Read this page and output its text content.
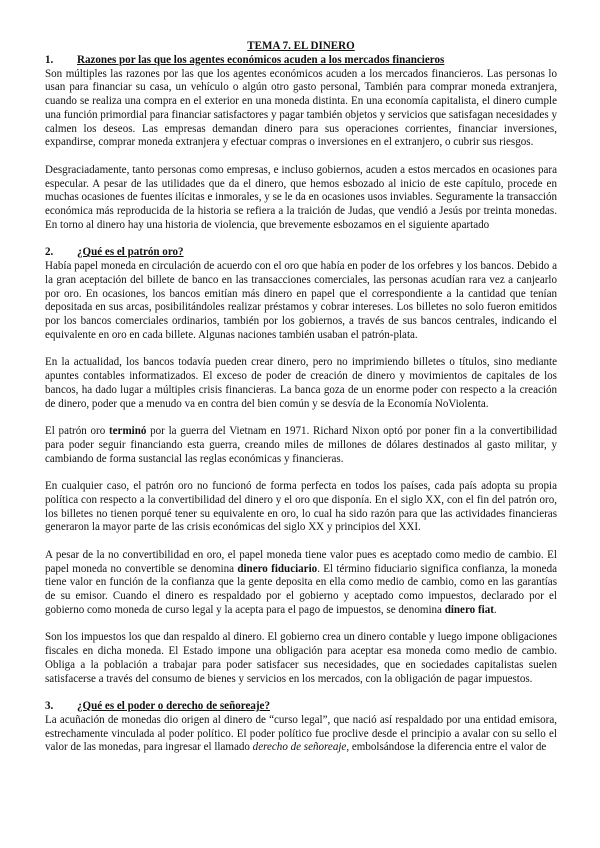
TEMA 7. EL DINERO

1.	Razones por las que los agentes económicos acuden a los mercados financieros

Son múltiples las razones por las que los agentes económicos acuden a los mercados financieros. Las personas lo usan para financiar su casa, un vehículo o algún otro gasto personal, También para comprar moneda extranjera, cuando se realiza una compra en el exterior en una moneda distinta. En una economía capitalista, el dinero cumple una función primordial para financiar satisfactores y pagar también objetos y servicios que satisfagan necesidades y calmen los deseos. Las empresas demandan dinero para sus operaciones corrientes, financiar inversiones, expandirse, comprar moneda extranjera y efectuar compras o inversiones en el extranjero, o cubrir sus riesgos.

Desgraciadamente, tanto personas como empresas, e incluso gobiernos, acuden a estos mercados en ocasiones para especular. A pesar de las utilidades que da el dinero, que hemos esbozado al inicio de este capítulo, procede en muchas ocasiones de fuentes ilícitas e inmorales, y se le da en ocasiones usos inviables. Seguramente la transacción económica más reproducida de la historia se refiera a la traición de Judas, que vendió a Jesús por treinta monedas. En torno al dinero hay una historia de violencia, que brevemente esbozamos en el siguiente apartado

2.	¿Qué es el patrón oro?

Había papel moneda en circulación de acuerdo con el oro que había en poder de los orfebres y los bancos. Debido a la gran aceptación del billete de banco en las transacciones comerciales, las personas acudían rara vez a canjearlo por oro. En ocasiones, los bancos emitían más dinero en papel que el correspondiente a la cantidad que tenían depositada en sus arcas, posibilitándoles realizar préstamos y cobrar intereses. Los billetes no solo fueron emitidos por los bancos comerciales ordinarios, también por los gobiernos, a través de sus bancos centrales, indicando el equivalente en oro en cada billete. Algunas naciones también usaban el patrón-plata.

En la actualidad, los bancos todavía pueden crear dinero, pero no imprimiendo billetes o títulos, sino mediante apuntes contables informatizados. El exceso de poder de creación de dinero y movimientos de capitales de los bancos, ha dado lugar a múltiples crisis financieras. La banca goza de un enorme poder con respecto a la creación de dinero, poder que a menudo va en contra del bien común y se desvía de la Economía NoViolenta.

El patrón oro terminó por la guerra del Vietnam en 1971. Richard Nixon optó por poner fin a la convertibilidad para poder seguir financiando esta guerra, creando miles de millones de dólares destinados al gasto militar, y cambiando de forma sustancial las reglas económicas y financieras.

En cualquier caso, el patrón oro no funcionó de forma perfecta en todos los países, cada país adopta su propia política con respecto a la convertibilidad del dinero y el oro que disponía. En el siglo XX, con el fin del patrón oro, los billetes no tienen porqué tener su equivalente en oro, lo cual ha sido razón para que las actividades financieras generaron la mayor parte de las crisis económicas del siglo XX y principios del XXI.

A pesar de la no convertibilidad en oro, el papel moneda tiene valor pues es aceptado como medio de cambio. El papel moneda no convertible se denomina dinero fiduciario. El término fiduciario significa confianza, la moneda tiene valor en función de la confianza que la gente deposita en ella como medio de cambio, como en las garantías de su emisor. Cuando el dinero es respaldado por el gobierno y aceptado como impuestos, declarado por el gobierno como moneda de curso legal y la acepta para el pago de impuestos, se denomina dinero fiat.

Son los impuestos los que dan respaldo al dinero. El gobierno crea un dinero contable y luego impone obligaciones fiscales en dicha moneda. El Estado impone una obligación para aceptar esa moneda como medio de cambio. Obliga a la población a trabajar para poder satisfacer sus necesidades, que en sociedades capitalistas suelen satisfacerse a través del consumo de bienes y servicios en los mercados, con la obligación de pagar impuestos.

3.	¿Qué es el poder o derecho de señoreaje?

La acuñación de monedas dio origen al dinero de “curso legal”, que nació así respaldado por una entidad emisora, estrechamente vinculada al poder político. El poder político fue proclive desde el principio a avalar con su sello el valor de las monedas, para ingresar el llamado derecho de señoreaje, embolsándose la diferencia entre el valor de
